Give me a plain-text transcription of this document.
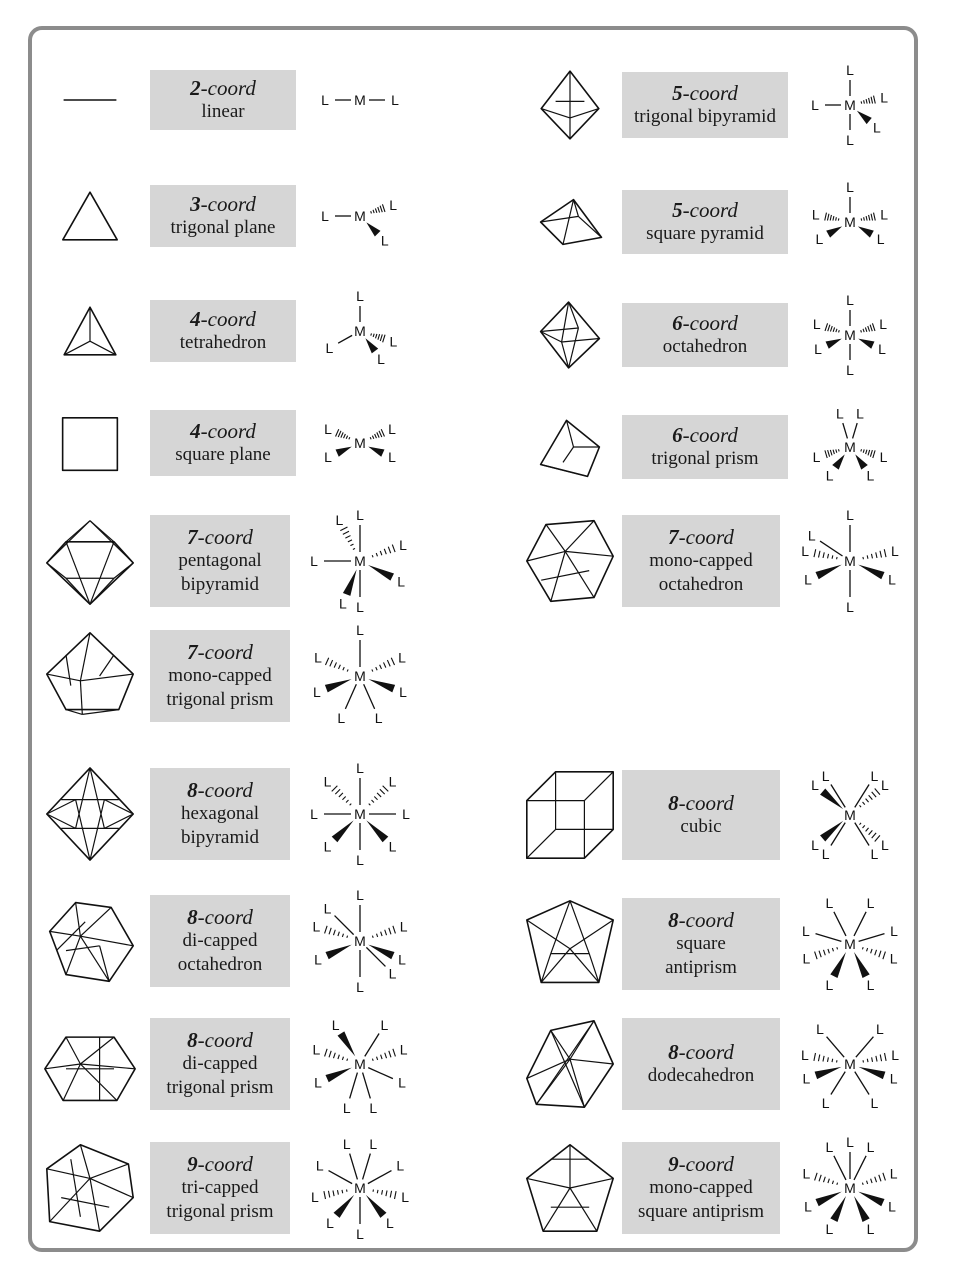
2-coord
linear
L	L
M
3-coord
trigonal plane
L
L
L
M
4-coord
tetrahedron
L
L	L
L
M
4-coord
square plane
L	L
L	L
M
7-coord
pentagonal
bipyramid
L
L
L
L
L
L
L
M
7-coord
mono-capped
trigonal prism
L
L	L
L	L
L L
M
8-coord
hexagonal
bipyramid
L
L
L	L
L	L
L	L
M
8-coord
di-capped
octahedron
L
L
L
L
L	L
L	L
M
8-coord
di-capped
trigonal prism
L	L
L	L
L	L
L L
M
9-coord
tri-capped
trigonal prism
L L
L	L
L	L
L	L
L
M
5-coord
trigonal bipyramid
L
L
L	L
L
M
5-coord
square pyramid
L
L	L
L	L
M
6-coord
octahedron
L
L
L	L
L	L
M
6-coord
trigonal prism
L L
L	L
L L
M
7-coord
mono-capped
octahedron
L
L
L
L	L
L	L
M
8-coord
cubic
L	L
L	L
L	L
L	L
M
8-coord
square
antiprism
L L
L	L
L	L
L L
M
8-coord
dodecahedron
L	L
L	L
L	L
L	L
M
9-coord
mono-capped
square antiprism
L
L L
L	L
L	L
L L
M
